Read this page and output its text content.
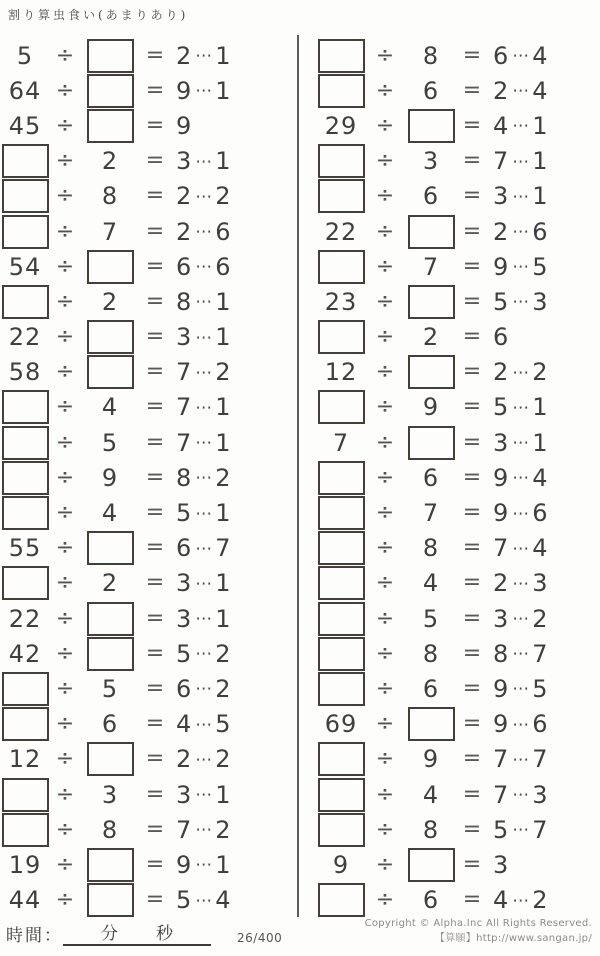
割り算虫食い(あまりあり)
5 ÷	= 2 ⋯ 1
64 ÷	= 9 ⋯ 1
45 ÷	= 9
÷ 2 = 3 ⋯ 1
÷ 8 = 2 ⋯ 2
÷ 7 = 2 ⋯ 6
54 ÷	= 6 ⋯ 6
÷ 2 = 8 ⋯ 1
22 ÷	= 3 ⋯ 1
58 ÷	= 7 ⋯ 2
÷ 4 = 7 ⋯ 1
÷ 5 = 7 ⋯ 1
÷ 9 = 8 ⋯ 2
÷ 4 = 5 ⋯ 1
55 ÷	= 6 ⋯ 7
÷ 2 = 3 ⋯ 1
22 ÷	= 3 ⋯ 1
42 ÷	= 5 ⋯ 2
÷ 5 = 6 ⋯ 2
÷ 6 = 4 ⋯ 5
12 ÷	= 2 ⋯ 2
÷ 3 = 3 ⋯ 1
÷ 8 = 7 ⋯ 2
19 ÷	= 9 ⋯ 1
44 ÷	= 5 ⋯ 4
÷ 8 = 6 ⋯ 4
÷ 6 = 2 ⋯ 4
29 ÷	= 4 ⋯ 1
÷ 3 = 7 ⋯ 1
÷ 6 = 3 ⋯ 1
22 ÷	= 2 ⋯ 6
÷ 7 = 9 ⋯ 5
23 ÷	= 5 ⋯ 3
÷ 2 = 6
12 ÷	= 2 ⋯ 2
÷ 9 = 5 ⋯ 1
7 ÷	= 3 ⋯ 1
÷ 6 = 9 ⋯ 4
÷ 7 = 9 ⋯ 6
÷ 8 = 7 ⋯ 4
÷ 4 = 2 ⋯ 3
÷ 5 = 3 ⋯ 2
÷ 8 = 8 ⋯ 7
÷ 6 = 9 ⋯ 5
69 ÷	= 9 ⋯ 6
÷ 9 = 7 ⋯ 7
÷ 4 = 7 ⋯ 3
÷ 8 = 5 ⋯ 7
9 ÷	= 3
÷ 6 = 4 ⋯ 2
時間： 分 秒	26/400
Copyright © Alpha.Inc All Rights Reserved.
【算願】http://www.sangan.jp/
